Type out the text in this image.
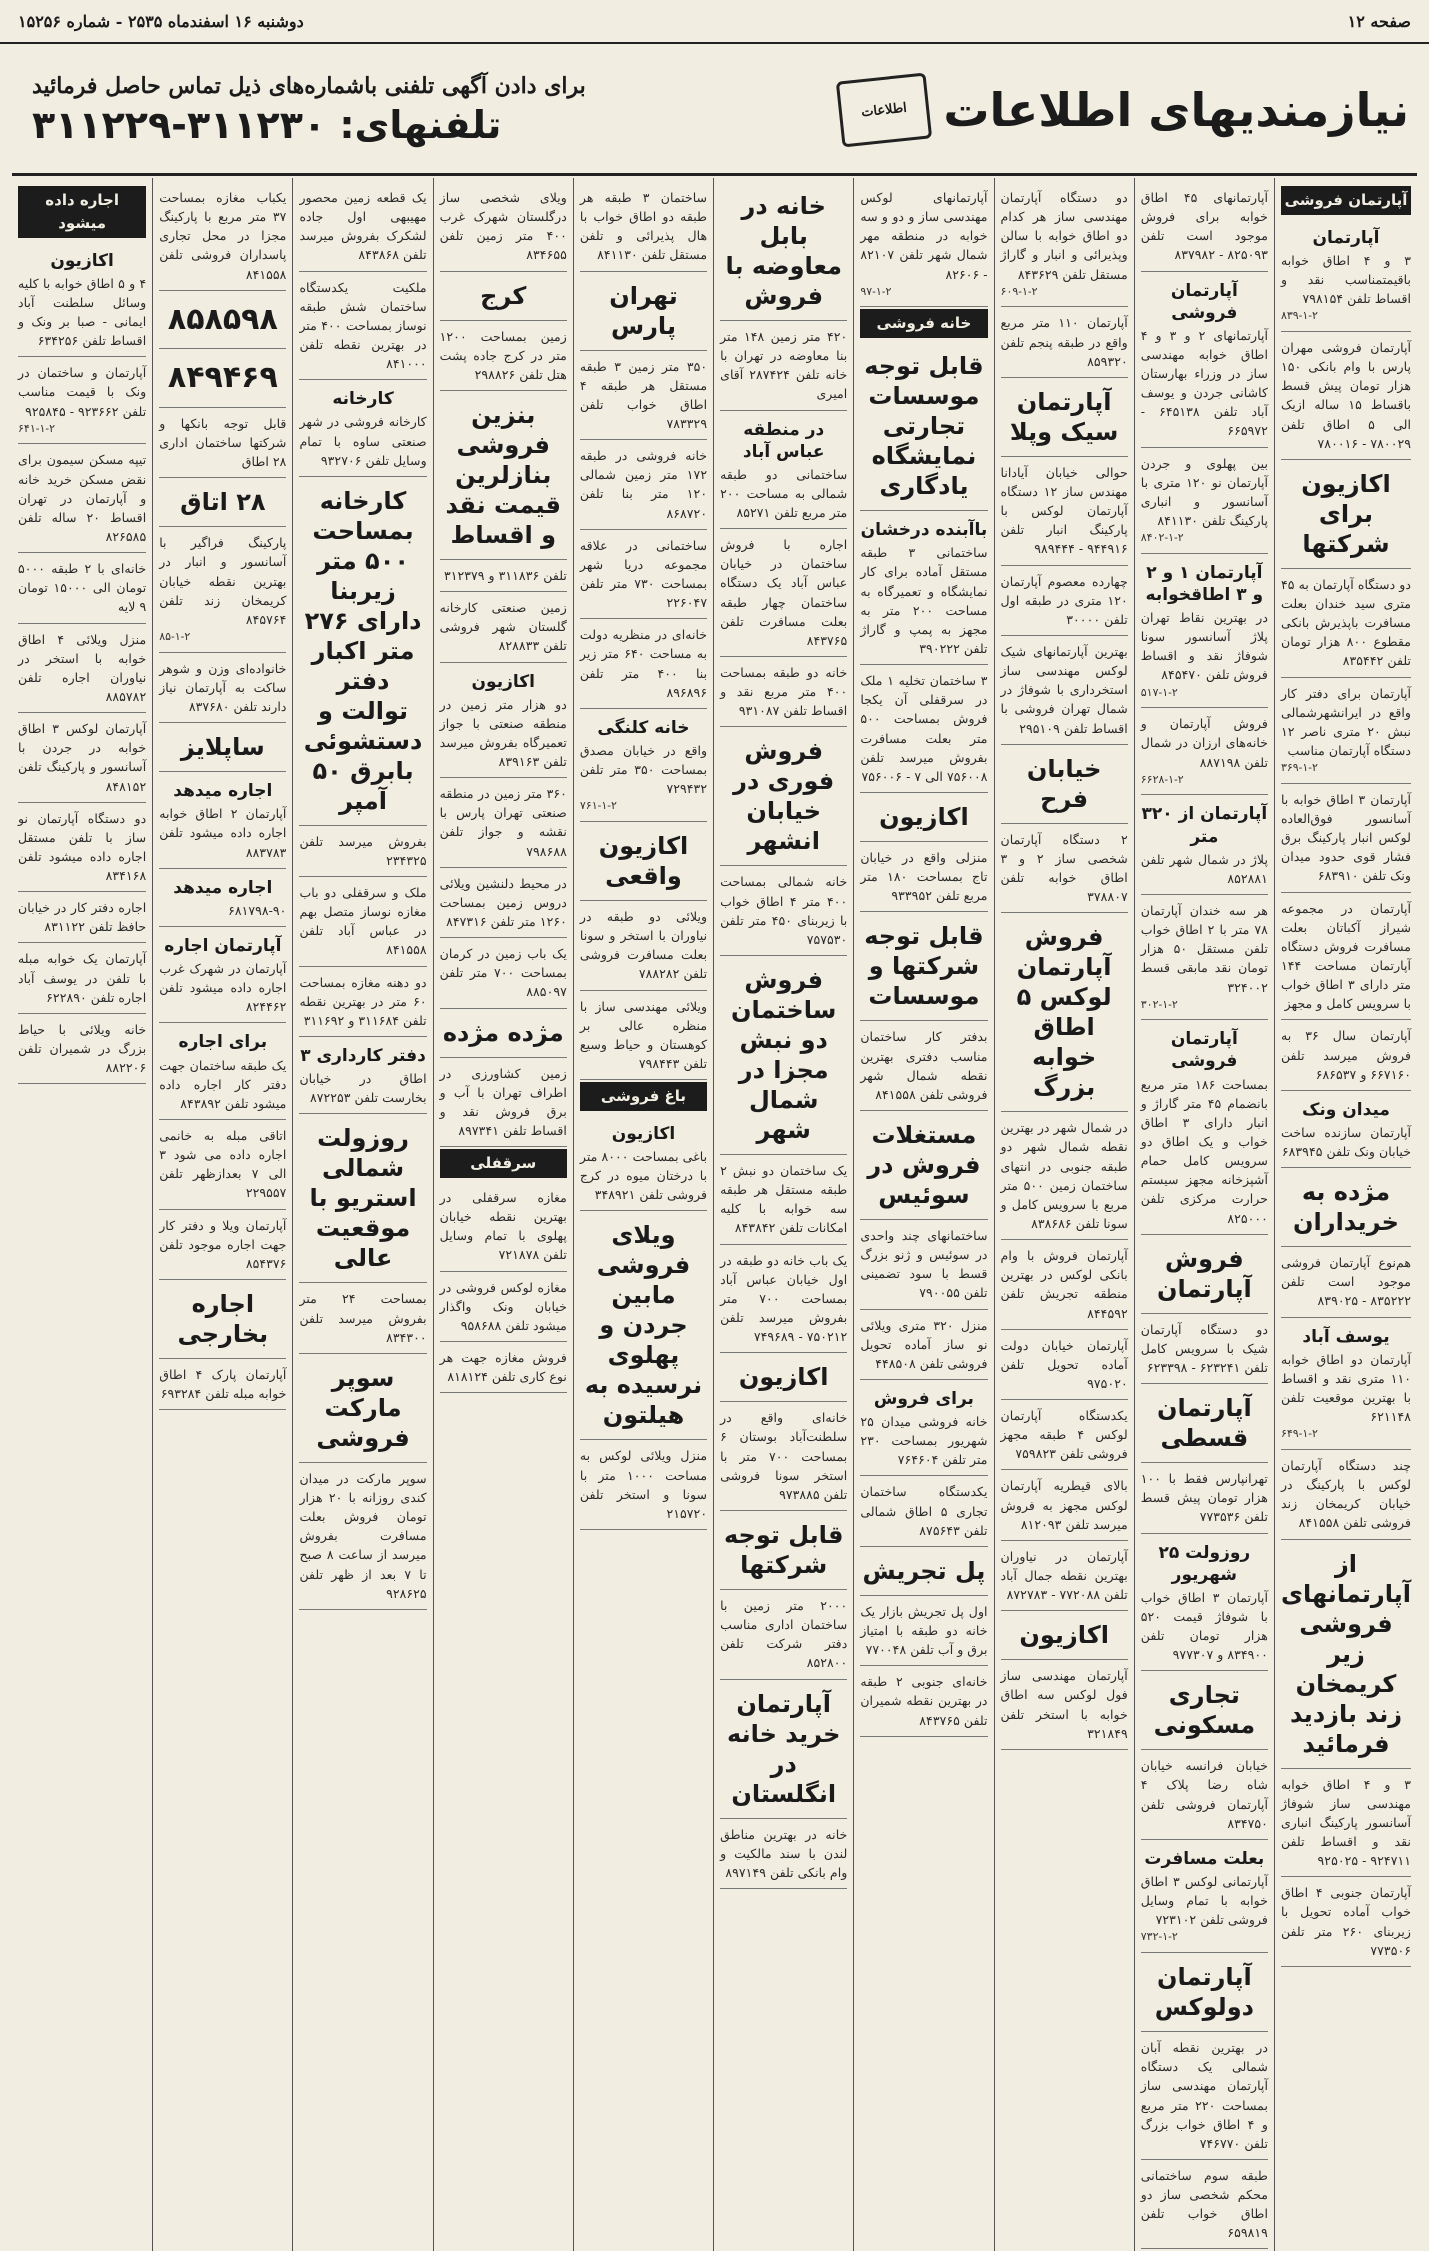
صفحه ۱۲
دوشنبه ۱۶ اسفندماه ۲۵۳۵ - شماره ۱۵۲۵۶
نیازمندیهای اطلاعات
اطلاعات
برای دادن آگهی تلفنی باشماره‌های ذیل تماس حاصل فرمائید
تلفنهای: ۳۱۱۲۳۰-۳۱۱۲۲۹
آپارتمان فروشی
آپارتمان
۳ و ۴ اطاق خوابه باقیمتمناسب نقد و اقساط تلفن ۷۹۸۱۵۴
۸۳۹-۱-۲
آپارتمان فروشی مهران پارس با وام بانکی ۱۵۰ هزار تومان پیش قسط باقساط ۱۵ ساله ازیک الی ۵ اطاق تلفن ۷۸۰۰۲۹ - ۷۸۰۰۱۶
اکازیون برای شرکتها
دو دستگاه آپارتمان به ۴۵ متری سید خندان بعلت مسافرت باپذیرش بانکی مقطوع ۸۰۰ هزار تومان تلفن ۸۳۵۴۴۲
آپارتمان برای دفتر کار واقع در ایرانشهرشمالی نبش ۲۰ متری ناصر ۱۲ دستگاه آپارتمان مناسب
۳۶۹-۱-۲
آپارتمان ۳ اطاق خوابه با آسانسور فوق‌العاده لوکس انبار پارکینگ برق فشار قوی حدود میدان ونک تلفن ۶۸۳۹۱۰
آپارتمان در مجموعه شیراز آکباتان بعلت مسافرت فروش دستگاه آپارتمان مساحت ۱۴۴ متر دارای ۳ اطاق خواب با سرویس کامل و مجهز
آپارتمان سال ۳۶ به فروش میرسد تلفن ۶۶۷۱۶۰ و ۶۸۶۵۳۷
میدان ونک
آپارتمان سازنده ساخت خیابان ونک تلفن ۶۸۳۹۴۵
مژده به خریداران
هم‌نوع آپارتمان فروشی موجود است تلفن ۸۳۵۲۲۲ - ۸۳۹۰۲۵
یوسف آباد
آپارتمان دو اطاق خوابه ۱۱۰ متری نقد و اقساط با بهترین موقعیت تلفن ۶۲۱۱۴۸
۶۴۹-۱-۲
چند دستگاه آپارتمان لوکس با پارکینگ در خیابان کریمخان زند فروشی تلفن ۸۴۱۵۵۸
از آپارتمانهای فروشی زیر کریمخان زند بازدید فرمائید
۳ و ۴ اطاق خوابه مهندسی ساز شوفاژ آسانسور پارکینگ انباری نقد و اقساط تلفن ۹۲۴۷۱۱ - ۹۲۵۰۲۵
آپارتمان جنوبی ۴ اطاق خواب آماده تحویل با زیربنای ۲۶۰ متر تلفن ۷۷۳۵۰۶
آپارتمانهای ۴۵ اطاق خوابه برای فروش موجود است تلفن ۸۲۵۰۹۳ - ۸۳۷۹۸۲
آپارتمان فروشی
آپارتمانهای ۲ و ۳ و ۴ اطاق خوابه مهندسی ساز در وزراء بهارستان کاشانی جردن و یوسف آباد تلفن ۶۴۵۱۳۸ - ۶۶۵۹۷۲
بین پهلوی و جردن آپارتمان نو ۱۲۰ متری با آسانسور و انباری پارکینگ تلفن ۸۴۱۱۳۰
۸۴۰۲-۱-۲
آپارتمان ۱ و ۲ و ۳ اطاقخوابه
در بهترین نقاط تهران پلاژ آسانسور سونا شوفاژ نقد و اقساط فروش تلفن ۸۴۵۴۷۰
۵۱۷-۱-۲
فروش آپارتمان و خانه‌های ارزان در شمال تلفن ۸۸۷۱۹۸
۶۶۲۸-۱-۲
آپارتمان از ۳۲۰ متر
پلاژ در شمال شهر تلفن ۸۵۲۸۸۱
هر سه خندان آپارتمان ۷۸ متر با ۲ اطاق خواب تلفن مستقل ۵۰ هزار تومان نقد مابقی قسط ۳۲۴۰۰۲
۳۰۲-۱-۲
آپارتمان فروشی
بمساحت ۱۸۶ متر مربع بانضمام ۴۵ متر گاراژ و انبار دارای ۳ اطاق خواب و یک اطاق دو سرویس کامل حمام آشپزخانه مجهز سیستم حرارت مرکزی تلفن ۸۲۵۰۰۰
فروش آپارتمان
دو دستگاه آپارتمان شیک با سرویس کامل تلفن ۶۲۳۲۴۱ - ۶۲۳۳۹۸
آپارتمان قسطی
تهرانپارس فقط با ۱۰۰ هزار تومان پیش قسط تلفن ۷۷۳۵۳۶
روزولت ۲۵ شهریور
آپارتمان ۳ اطاق خواب با شوفاژ قیمت ۵۲۰ هزار تومان تلفن ۸۳۴۹۰۰ و ۹۷۷۳۰۷
تجاری مسکونی
خیابان فرانسه خیابان شاه رضا پلاک ۴ آپارتمان فروشی تلفن ۸۳۴۷۵۰
بعلت مسافرت
آپارتمانی لوکس ۳ اطاق خوابه با تمام وسایل فروشی تلفن ۷۲۳۱۰۲
۷۳۲-۱-۲
آپارتمان دولوکس
در بهترین نقطه آبان شمالی یک دستگاه آپارتمان مهندسی ساز بمساحت ۲۲۰ متر مربع و ۴ اطاق خواب بزرگ تلفن ۷۴۶۷۷۰
طبقه سوم ساختمانی محکم شخصی ساز دو اطاق خواب تلفن ۶۵۹۸۱۹
دو دستگاه آپارتمان مهندسی ساز هر کدام دو اطاق خوابه با سالن وپذیرائی و انبار و گاراژ مستقل تلفن ۸۴۳۶۲۹
۶۰۹-۱-۲
آپارتمان ۱۱۰ متر مربع واقع در طبقه پنجم تلفن ۸۵۹۳۲۰
آپارتمان سیک وپلا
حوالی خیابان آیادانا مهندس ساز ۱۲ دستگاه آپارتمان لوکس با پارکینگ انبار تلفن ۹۴۴۹۱۶ - ۹۸۹۴۴۴
چهارده معصوم آپارتمان ۱۲۰ متری در طبقه اول تلفن ۳۰۰۰۰
بهترین آپارتمانهای شیک لوکس مهندسی ساز استخرداری با شوفاژ در شمال تهران فروشی با اقساط تلفن ۲۹۵۱۰۹
خیابان فرح
۲ دستگاه آپارتمان شخصی ساز ۲ و ۳ اطاق خوابه تلفن ۳۷۸۸۰۷
فروش آپارتمان لوکس ۵ اطاق خوابه بزرگ
در شمال شهر در بهترین نقطه شمال شهر دو طبقه جنوبی در انتهای ساختمان زمین ۵۰۰ متر مربع با سرویس کامل و سونا تلفن ۸۳۸۶۸۶
آپارتمان فروش با وام بانکی لوکس در بهترین منطقه تجریش تلفن ۸۴۴۵۹۲
آپارتمان خیابان دولت آماده تحویل تلفن ۹۷۵۰۲۰
یکدستگاه آپارتمان لوکس ۴ طبقه مجهز فروشی تلفن ۷۵۹۸۲۳
بالای قیطریه آپارتمان لوکس مجهز به فروش میرسد تلفن ۸۱۲۰۹۳
آپارتمان در نیاوران بهترین نقطه جمال آباد تلفن ۷۷۲۰۸۸ - ۸۷۲۷۸۳
اکازیون
آپارتمان مهندسی ساز فول لوکس سه اطاق خوابه با استخر تلفن ۳۲۱۸۴۹
آپارتمانهای لوکس مهندسی ساز و دو و سه خوابه در منطقه مهر شمال شهر تلفن ۸۲۱۰۷ - ۸۲۶۰۶
۹۷-۱-۲
خانه فروشی
قابل توجه موسسات تجارتی نمایشگاه یادگاری
باآبنده درخشان
ساختمانی ۳ طبقه مستقل آماده برای کار نمایشگاه و تعمیرگاه به مساحت ۲۰۰ متر به مجهز به پمپ و گاراژ تلفن ۳۹۰۲۲۲
۳ ساختمان تخلیه ۱ ملک در سرقفلی آن یکجا فروش بمساحت ۵۰۰ متر بعلت مسافرت بفروش میرسد تلفن ۷۵۶۰۰۸ الی ۷ - ۷۵۶۰۰۶
اکازیون
منزلی واقع در خیابان تاج بمساحت ۱۸۰ متر مربع تلفن ۹۳۳۹۵۲
قابل توجه شرکتها و موسسات
بدفتر کار ساختمان مناسب دفتری بهترین نقطه شمال شهر فروشی تلفن ۸۴۱۵۵۸
مستغلات فروش در سوئیس
ساختمانهای چند واحدی در سوئیس و ژنو بزرگ قسط با سود تضمینی تلفن ۷۹۰۰۵۵
منزل ۳۲۰ متری ویلائی نو ساز آماده تحویل فروشی تلفن ۴۴۸۵۰۸
برای فروش
خانه فروشی میدان ۲۵ شهریور بمساحت ۲۳۰ متر تلفن ۷۶۴۶۰۴
یکدستگاه ساختمان تجاری ۵ اطاق شمالی تلفن ۸۷۵۶۴۳
پل تجریش
اول پل تجریش بازار یک خانه دو طبقه با امتیاز برق و آب تلفن ۷۷۰۰۴۸
خانه‌ای جنوبی ۲ طبقه در بهترین نقطه شمیران تلفن ۸۴۳۷۶۵
خانه در بابل معاوضه با فروش
۴۲۰ متر زمین ۱۴۸ متر بنا معاوضه در تهران با خانه تلفن ۲۸۷۴۲۴ آقای امیری
در منطقه عباس آباد
ساختمانی دو طبقه شمالی به مساحت ۲۰۰ متر مربع تلفن ۸۵۲۷۱
اجاره با فروش ساختمان در خیابان عباس آباد یک دستگاه ساختمان چهار طبقه بعلت مسافرت تلفن ۸۴۳۷۶۵
خانه دو طبقه بمساحت ۴۰۰ متر مربع نقد و اقساط تلفن ۹۳۱۰۸۷
فروش فوری در خیابان انشهر
خانه شمالی بمساحت ۴۰۰ متر ۴ اطاق خواب با زیربنای ۴۵۰ متر تلفن ۷۵۷۵۳۰
فروش ساختمان دو نبش مجزا در شمال شهر
یک ساختمان دو نبش ۲ طبقه مستقل هر طبقه سه خوابه با کلیه امکانات تلفن ۸۴۳۸۴۲
یک باب خانه دو طبقه در اول خیابان عباس آباد بمساحت ۷۰۰ متر بفروش میرسد تلفن ۷۵۰۲۱۲ - ۷۴۹۶۸۹
اکازیون
خانه‌ای واقع در سلطنت‌آباد بوستان ۶ بمساحت ۷۰۰ متر با استخر سونا فروشی تلفن ۹۷۳۸۸۵
قابل توجه شرکتها
۲۰۰۰ متر زمین با ساختمان اداری مناسب دفتر شرکت تلفن ۸۵۲۸۰۰
آپارتمان خرید خانه در انگلستان
خانه در بهترین مناطق لندن با سند مالکیت و وام بانکی تلفن ۸۹۷۱۴۹
ساختمان ۳ طبقه هر طبقه دو اطاق خواب با هال پذیرائی و تلفن مستقل تلفن ۸۴۱۱۳۰
تهران پارس
۳۵۰ متر زمین ۳ طبقه مستقل هر طبقه ۴ اطاق خواب تلفن ۷۸۳۳۲۹
خانه فروشی در طبقه ۱۷۲ متر زمین شمالی ۱۲۰ متر بنا تلفن ۸۶۸۷۲۰
ساختمانی در علاقه مجموعه دریا شهر بمساحت ۷۳۰ متر تلفن ۲۲۶۰۴۷
خانه‌ای در منظریه دولت به مساحت ۶۴۰ متر زیر بنا ۴۰۰ متر تلفن ۸۹۶۸۹۶
خانه کلنگی
واقع در خیابان مصدق بمساحت ۳۵۰ متر تلفن ۷۲۹۴۳۲
۷۶۱-۱-۲
اکازیون واقعی
ویلائی دو طبقه در نیاوران با استخر و سونا بعلت مسافرت فروشی تلفن ۷۸۸۲۸۲
ویلائی مهندسی ساز با منظره عالی بر کوهستان و حیاط وسیع تلفن ۷۹۸۴۴۳
باغ فروشی
اکازیون
باغی بمساحت ۸۰۰۰ متر با درختان میوه در کرج فروشی تلفن ۳۴۸۹۲۱
ویلای فروشی مابین جردن و پهلوی نرسیده به هیلتون
منزل ویلائی لوکس به مساحت ۱۰۰۰ متر با سونا و استخر تلفن ۲۱۵۷۲۰
ویلای شخصی ساز درگلستان شهرک غرب ۴۰۰ متر زمین تلفن ۸۳۴۶۵۵
کرج
زمین بمساحت ۱۲۰۰ متر در کرج جاده پشت هتل تلفن ۲۹۸۸۲۶
بنزین فروشی بنازلرین قیمت نقد و اقساط
تلفن ۳۱۱۸۳۶ و ۳۱۲۳۷۹
زمین صنعتی کارخانه گلستان شهر فروشی تلفن ۸۲۸۸۳۳
اکازیون
دو هزار متر زمین در منطقه صنعتی با جواز تعمیرگاه بفروش میرسد تلفن ۸۳۹۱۶۳
۳۶۰ متر زمین در منطقه صنعتی تهران پارس با نقشه و جواز تلفن ۷۹۸۶۸۸
در محیط دلنشین ویلائی دروس زمین بمساحت ۱۲۶۰ متر تلفن ۸۴۷۳۱۶
یک باب زمین در کرمان بمساحت ۷۰۰ متر تلفن ۸۸۵۰۹۷
مژده مژده
زمین کشاورزی در اطراف تهران با آب و برق فروش نقد و اقساط تلفن ۸۹۷۳۴۱
سرقفلی
مغازه سرقفلی در بهترین نقطه خیابان پهلوی با تمام وسایل تلفن ۷۲۱۸۷۸
مغازه لوکس فروشی در خیابان ونک واگذار میشود تلفن ۹۵۸۶۸۸
فروش مغازه جهت هر نوع کاری تلفن ۸۱۸۱۲۴
یک قطعه زمین محصور مهیبهی اول جاده لشکرک بفروش میرسد تلفن ۸۴۳۸۶۸
ملکیت یکدستگاه ساختمان شش طبقه نوساز بمساحت ۴۰۰ متر در بهترین نقطه تلفن ۸۴۱۰۰۰
کارخانه
کارخانه فروشی در شهر صنعتی ساوه با تمام وسایل تلفن ۹۳۲۷۰۶
کارخانه بمساحت ۵۰۰ متر زیربنا دارای ۲۷۶ متر اکبار دفتر توالت و دستشوئی بابرق ۵۰ آمپر
بفروش میرسد تلفن ۲۳۴۳۲۵
ملک و سرقفلی دو باب مغازه نوساز متصل بهم در عباس آباد تلفن ۸۴۱۵۵۸
دو دهنه مغازه بمساحت ۶۰ متر در بهترین نقطه تلفن ۳۱۱۶۸۴ و ۳۱۱۶۹۲
دفتر کارداری ۳
اطاق در خیابان بخارست تلفن ۸۷۲۲۵۳
روزولت شمالی استریو با موقعیت عالی
بمساحت ۲۴ متر بفروش میرسد تلفن ۸۳۴۳۰۰
سوپر مارکت فروشی
سوپر مارکت در میدان کندی روزانه با ۲۰ هزار تومان فروش بعلت مسافرت بفروش میرسد از ساعت ۸ صبح تا ۷ بعد از ظهر تلفن ۹۲۸۶۲۵
یکباب مغازه بمساحت ۳۷ متر مربع با پارکینگ مجزا در محل تجاری پاسداران فروشی تلفن ۸۴۱۵۵۸
۸۵۸۵۹۸
۸۴۹۴۶۹
قابل توجه بانکها و شرکتها ساختمان اداری ۲۸ اطاق
۲۸ اتاق
پارکینگ فراگیر با آسانسور و انبار در بهترین نقطه خیابان کریمخان زند تلفن ۸۴۵۷۶۴
۸۵-۱-۲
خانواده‌ای وزن و شوهر ساکت به آپارتمان نیاز دارند تلفن ۸۳۷۶۸۰
ساپلایز
اجاره میدهد
آپارتمان ۲ اطاق خوابه اجاره داده میشود تلفن ۸۸۳۷۸۳
اجاره میدهد
۶۸۱۷۹۸-۹۰
آپارتمان اجاره
آپارتمان در شهرک غرب اجاره داده میشود تلفن ۸۲۴۴۶۲
برای اجاره
یک طبقه ساختمان جهت دفتر کار اجاره داده میشود تلفن ۸۴۳۸۹۲
اتاقی مبله به خانمی اجاره داده می شود ۳ الی ۷ بعدازظهر تلفن ۲۲۹۵۵۷
آپارتمان ویلا و دفتر کار جهت اجاره موجود تلفن ۸۵۴۳۷۶
اجاره بخارجی
آپارتمان پارک ۴ اطاق خوابه مبله تلفن ۶۹۳۲۸۴
اجاره داده میشود
اکازیون
۴ و ۵ اطاق خوابه با کلیه وسائل سلطنت آباد ایمانی - صبا بر ونک و اقساط تلفن ۶۳۴۲۵۶
آپارتمان و ساختمان در ونک با قیمت مناسب تلفن ۹۲۳۶۶۲ - ۹۲۵۸۴۵
۶۴۱-۱-۲
تیپه مسکن سیمون برای نقض مسکن خرید خانه و آپارتمان در تهران اقساط ۲۰ ساله تلفن ۸۲۶۵۸۵
خانه‌ای با ۲ طبقه ۵۰۰۰ تومان الی ۱۵۰۰۰ تومان ۹ لایه
منزل ویلائی ۴ اطاق خوابه با استخر در نیاوران اجاره تلفن ۸۸۵۷۸۲
آپارتمان لوکس ۳ اطاق خوابه در جردن با آسانسور و پارکینگ تلفن ۸۴۸۱۵۲
دو دستگاه آپارتمان نو ساز با تلفن مستقل اجاره داده میشود تلفن ۸۳۴۱۶۸
اجاره دفتر کار در خیابان حافظ تلفن ۸۳۱۱۲۲
آپارتمان یک خوابه مبله با تلفن در یوسف آباد اجاره تلفن ۶۲۲۸۹۰
خانه ویلائی با حیاط بزرگ در شمیران تلفن ۸۸۲۲۰۶
